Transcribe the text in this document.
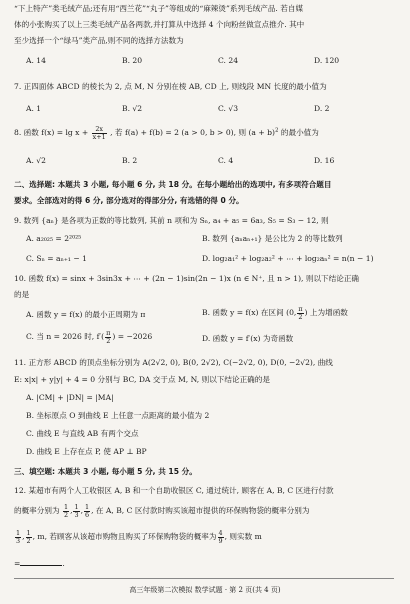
“下上特产”类毛绒产品;还有用“西兰花”“丸子”等组成的“麻辣烫”系列毛绒产品. 若自媒
体的小张购买了以上三类毛绒产品各两款,并打算从中选择 4 个向粉丝做宣点推介. 其中
至少选择一个“绿马”类产品,则不同的选择方法数为
A. 14	B. 20	C. 24	D. 120
7. 正四面体 ABCD 的棱长为 2, 点 M, N 分别在棱 AB, CD 上, 则线段 MN 长度的最小值为
A. 1	B. √2	C. √3	D. 2
8. 函数 $f(x) = \lg x + \frac{2x}{x+1}$ , 若 f(a) + f(b) = 2 (a > 0, b > 0), 则 $(a + b)^2$ 的最小值为
A. √2	B. 2	C. 4	D. 16
二、选择题: 本题共 3 小题, 每小题 6 分, 共 18 分。在每小题给出的选项中, 有多项符合题目
要求。全部选对的得 6 分, 部分选对的得部分分, 有选错的得 0 分。
9. 数列 {aₙ} 是各项为正数的等比数列, 其前 n 项和为 Sₙ, a₄ + a₅ = 6a₃, S₅ = S₃ − 12, 则
A. a₂₀₂₅ = 2²⁰²⁵	B. 数列 {aₙaₙ₊₁} 是公比为 2 的等比数列
C. Sₙ = aₙ₊₁ − 1	D. log₂a₁² + log₂a₂² + ⋯ + log₂aₙ² = n(n − 1)
10. 函数 f(x) = sinx + 3sin3x + ⋯ + (2n − 1)sin(2n − 1)x (n ∈ N⁺, 且 n > 1), 则以下结论正确
的是
A. 函数 y = f(x) 的最小正周期为 π	B. 函数 y = f(x) 在区间 (0, $\frac{\pi}{2}$ ) 上为增函数
C. 当 n = 2026 时, $f'( \frac{\pi}{2}$ ) = −2026	D. 函数 y = f′(x) 为奇函数
11. 正方形 ABCD 的顶点坐标分别为 A(2√2, 0), B(0, 2√2), C(−2√2, 0), D(0, −2√2), 曲线
E: x|x| + y|y| + 4 = 0 分别与 BC, DA 交于点 M, N, 则以下结论正确的是
A. |CM| + |DN| = |MA|
B. 坐标原点 O 到曲线 E 上任意一点距离的最小值为 2
C. 曲线 E 与直线 AB 有两个交点
D. 曲线 E 上存在点 P, 使 AP ⊥ BP
三、填空题: 本题共 3 小题, 每小题 5 分, 共 15 分。
12. 某超市有两个人工收银区 A, B 和一个自助收银区 C, 通过统计, 顾客在 A, B, C 区进行付款
的概率分别为 $\frac{1}{2}$ , $\frac{1}{3}$ , $\frac{1}{6}$ , 在 A, B, C 区付款时购买该超市提供的环保购物袋的概率分别为
$\frac{1}{3}$ , $\frac{1}{2}$ , m, 若顾客从该超市购物且购买了环保购物袋的概率为 $\frac{4}{9}$ , 则实数 m
=	.
高三年级第二次模拟 数学试题 · 第 2 页(共 4 页)
